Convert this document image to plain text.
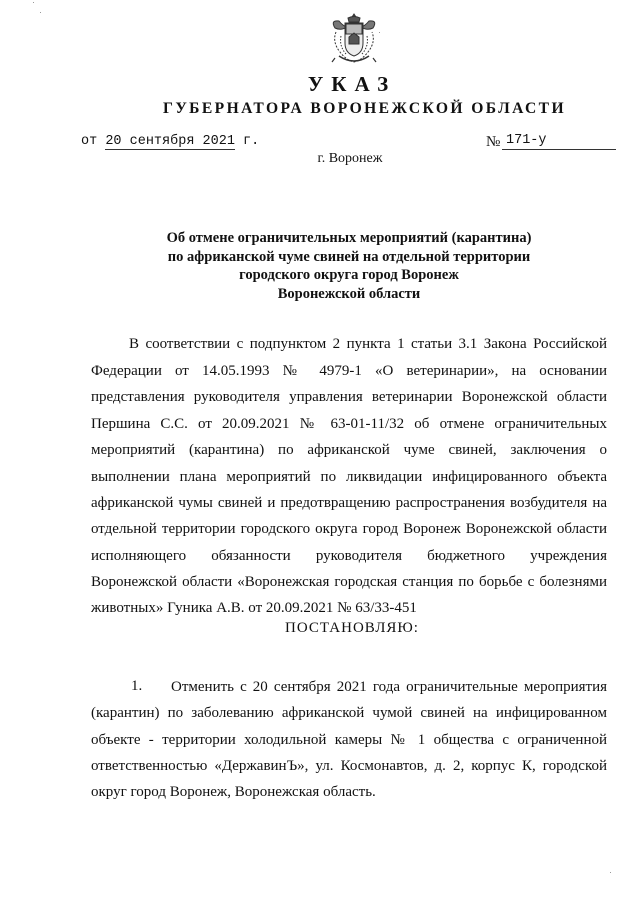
УКАЗ
ГУБЕРНАТОРА ВОРОНЕЖСКОЙ ОБЛАСТИ
от 20 сентября 2021 г.	№ 171-у
г. Воронеж
Об отмене ограничительных мероприятий (карантина)
по африканской чуме свиней на отдельной территории
городского округа город Воронеж
Воронежской области
В соответствии с подпунктом 2 пункта 1 статьи 3.1 Закона Российской
Федерации от 14.05.1993 № 4979-1 «О ветеринарии», на основании
представления руководителя управления ветеринарии Воронежской области
Першина С.С. от 20.09.2021 № 63-01-11/32 об отмене ограничительных
мероприятий (карантина) по африканской чуме свиней, заключения о
выполнении плана мероприятий по ликвидации инфицированного объекта
африканской чумы свиней и предотвращению распространения возбудителя на
отдельной территории городского округа город Воронеж Воронежской области
исполняющего обязанности руководителя бюджетного учреждения
Воронежской области «Воронежская городская станция по борьбе с болезнями
животных» Гуника А.В. от 20.09.2021 № 63/33-451
ПОСТАНОВЛЯЮ:
1. Отменить с 20 сентября 2021 года ограничительные мероприятия
(карантин) по заболеванию африканской чумой свиней на инфицированном
объекте - территории холодильной камеры № 1 общества с ограниченной
ответственностью «ДержавинЪ», ул. Космонавтов, д. 2, корпус К, городской
округ город Воронеж, Воронежская область.
